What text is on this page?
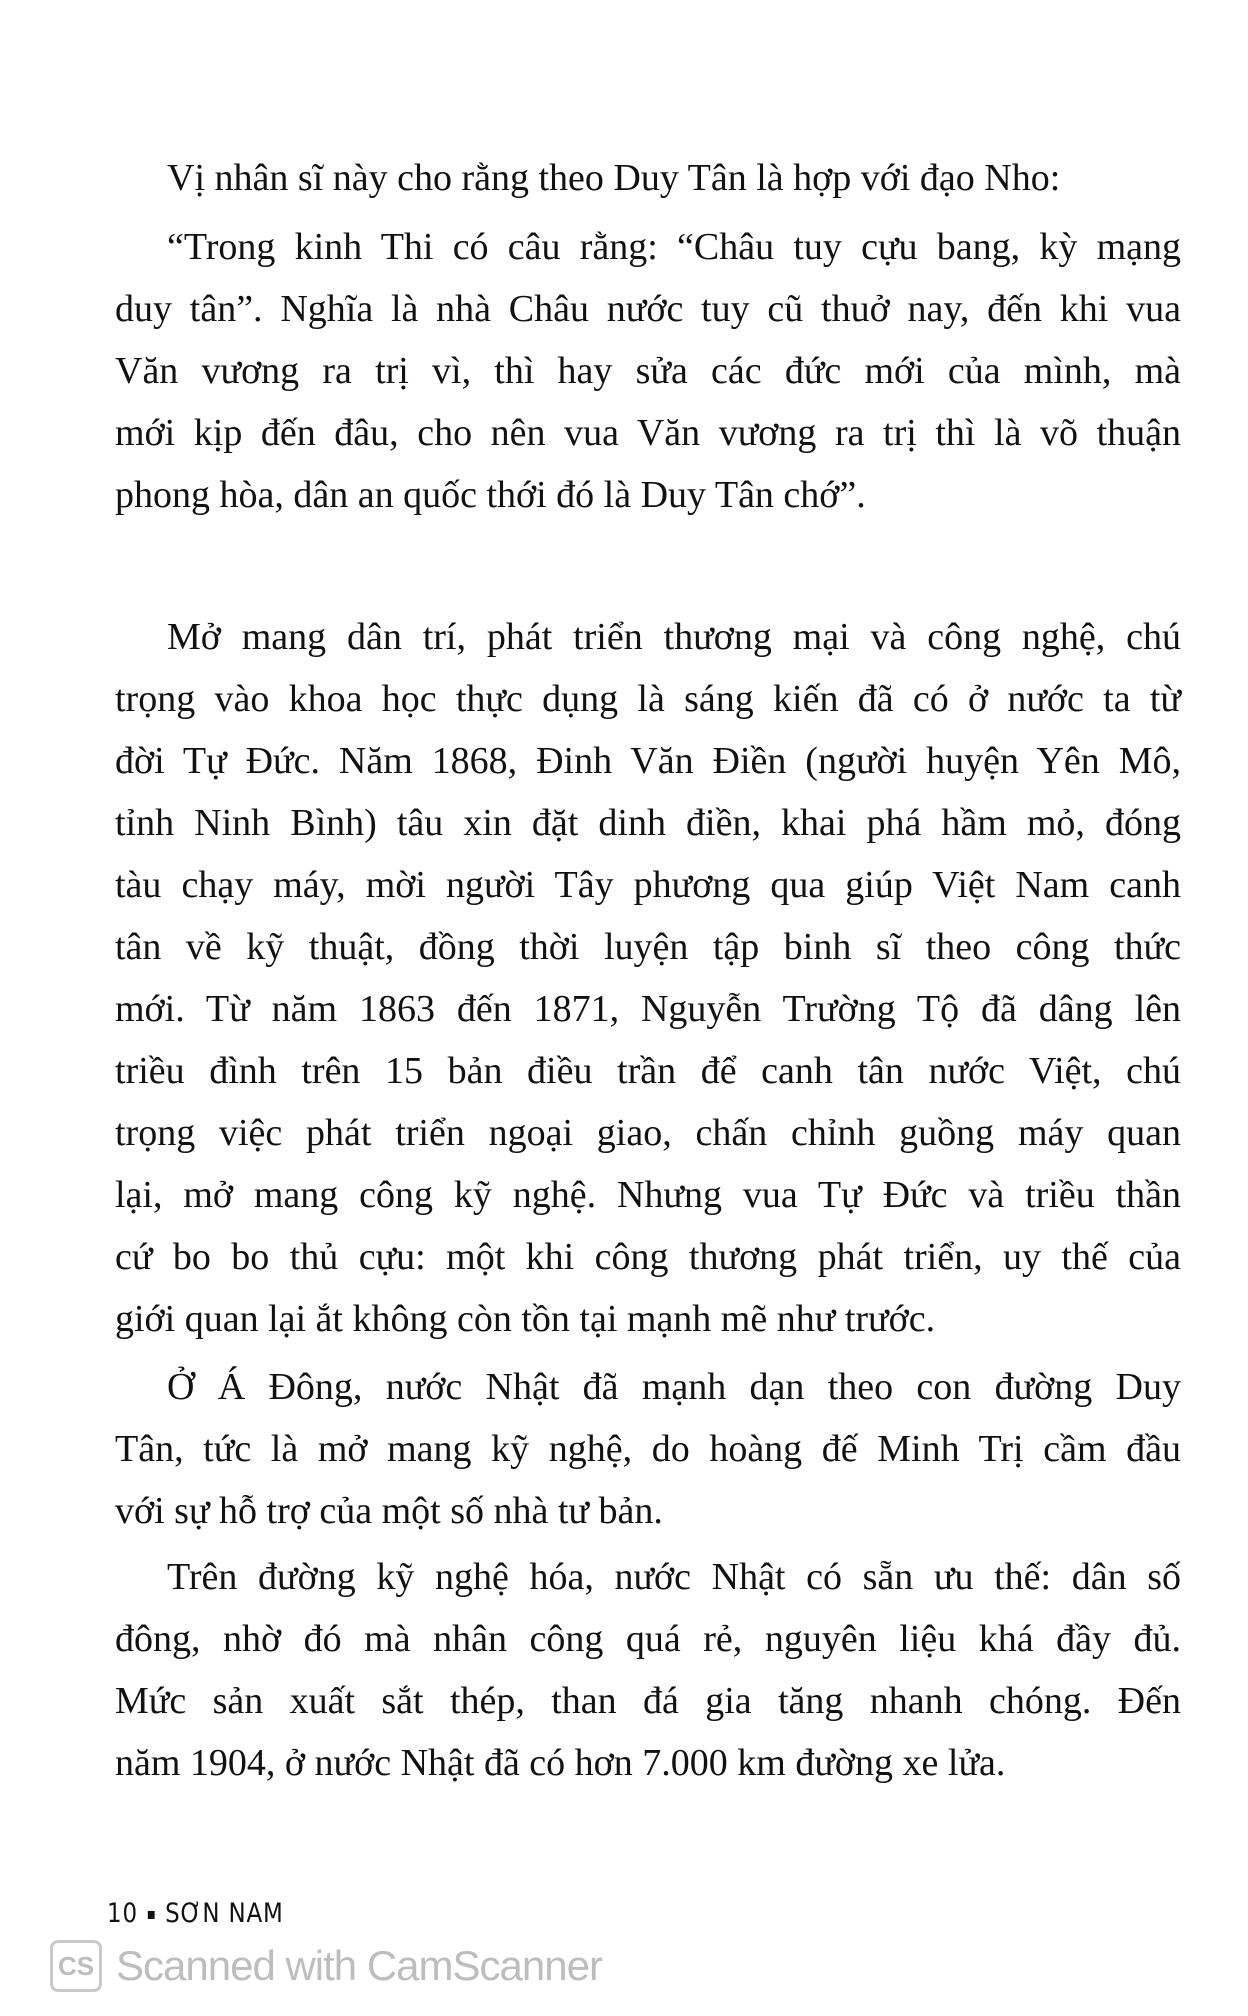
Vị nhân sĩ này cho rằng theo Duy Tân là hợp với đạo Nho:
“Trong kinh Thi có câu rằng: “Châu tuy cựu bang, kỳ mạng
duy tân”. Nghĩa là nhà Châu nước tuy cũ thuở nay, đến khi vua
Văn vương ra trị vì, thì hay sửa các đức mới của mình, mà
mới kịp đến đâu, cho nên vua Văn vương ra trị thì là võ thuận
phong hòa, dân an quốc thới đó là Duy Tân chớ”.
Mở mang dân trí, phát triển thương mại và công nghệ, chú
trọng vào khoa học thực dụng là sáng kiến đã có ở nước ta từ
đời Tự Đức. Năm 1868, Đinh Văn Điền (người huyện Yên Mô,
tỉnh Ninh Bình) tâu xin đặt dinh điền, khai phá hầm mỏ, đóng
tàu chạy máy, mời người Tây phương qua giúp Việt Nam canh
tân về kỹ thuật, đồng thời luyện tập binh sĩ theo công thức
mới. Từ năm 1863 đến 1871, Nguyễn Trường Tộ đã dâng lên
triều đình trên 15 bản điều trần để canh tân nước Việt, chú
trọng việc phát triển ngoại giao, chấn chỉnh guồng máy quan
lại, mở mang công kỹ nghệ. Nhưng vua Tự Đức và triều thần
cứ bo bo thủ cựu: một khi công thương phát triển, uy thế của
giới quan lại ắt không còn tồn tại mạnh mẽ như trước.
Ở Á Đông, nước Nhật đã mạnh dạn theo con đường Duy
Tân, tức là mở mang kỹ nghệ, do hoàng đế Minh Trị cầm đầu
với sự hỗ trợ của một số nhà tư bản.
Trên đường kỹ nghệ hóa, nước Nhật có sẵn ưu thế: dân số
đông, nhờ đó mà nhân công quá rẻ, nguyên liệu khá đầy đủ.
Mức sản xuất sắt thép, than đá gia tăng nhanh chóng. Đến
năm 1904, ở nước Nhật đã có hơn 7.000 km đường xe lửa.
10 SƠN NAM
CS Scanned with CamScanner
